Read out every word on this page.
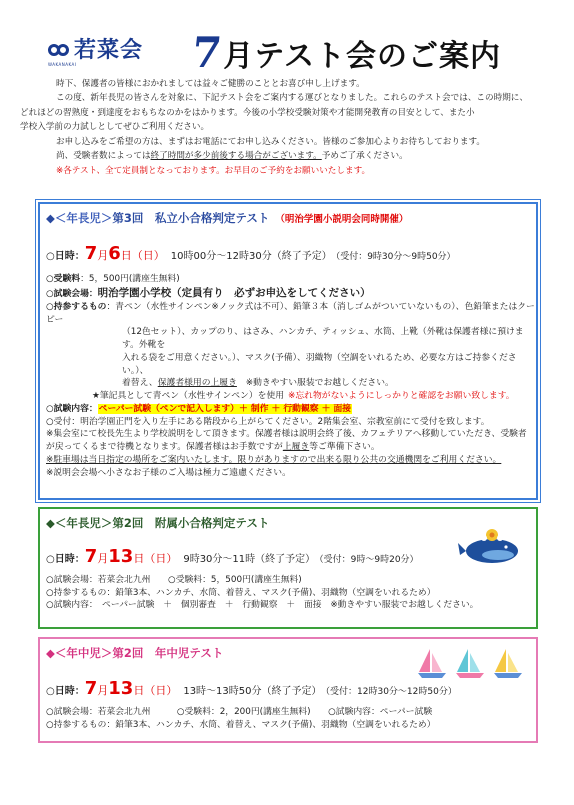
WAKANAKAI
若菜会 7 月テスト会のご案内

時下、保護者の皆様におかれましては益々ご健勝のこととお喜び申し上げます。

この度、新年長児の皆さんを対象に、下記テスト会をご案内する運びとなりました。これらのテスト会では、この時期に、

どれほどの習熟度・到達度をおもちなのかをはかります。今後の小学校受験対策や才能開発教育の目安として、また小

学校入学前の力試しとしてぜひご利用ください。

お申し込みをご希望の方は、まずはお電話にてお申し込みください。皆様のご参加心よりお待ちしております。

尚、受験者数によっては終了時間が多少前後する場合がございます。予めご了承ください。

※各テスト、全て定員制となっております。お早目のご予約をお願いいたします。

◆＜年長児＞第3回　私立小合格判定テスト （明治学園小説明会同時開催）
○日時：7月6日（日） 10時00分～12時30分（終了予定） （受付：9時30分～9時50分）
○受験料：5，500円(講座生無料)
○試験会場：明治学園小学校（定員有り　必ずお申込をしてください）
○持参するもの：青ペン（水性サインペン※ノック式は不可）、鉛筆３本（消しゴムがついていないもの）、色鉛筆またはクーピー
（12色セット）、カップのり、はさみ、ハンカチ、ティッシュ、水筒、上靴（外靴は保護者様に預けます。外靴を
入れる袋をご用意ください。）、マスク(予備）、羽織物（空調をいれるため、必要な方はご持参ください。）、
着替え、保護者様用の上履き　※動きやすい服装でお越しください。
★筆記具として青ペン（水性サインペン）を使用 ※忘れ物がないようにしっかりと確認をお願い致します。
○試験内容：ペーパー試験（ペンで記入します）＋ 制作 ＋ 行動観察 ＋ 面接
○受付：明治学園正門を入り左手にある階段から上がらてください。2階集会室、宗教室前にて受付を致します。
※集会室にて校長先生より学校説明をして頂きます。保護者様は説明会終了後、カフェテリアへ移動していただき、受験者
が戻ってくるまで待機となります。保護者様はお手数ですが上履き等ご準備下さい。
※駐車場は当日指定の場所をご案内いたします。限りがありますので出来る限り公共の交通機関をご利用ください。
※説明会会場へ小さなお子様のご入場は極力ご遠慮ください。
◆＜年長児＞第2回　附属小合格判定テスト
○日時：7月13日（日） 9時30分～11時（終了予定） （受付：9時～9時20分）
○試験会場：若菜会北九州　　○受験料：5，500円(講座生無料)
○持参するもの：鉛筆3本、ハンカチ、水筒、着替え、マスク(予備)、羽織物（空調をいれるため）
○試験内容：　ペーパー試験　＋　個別審査　＋　行動観察　＋　面接　※動きやすい服装でお越しください。
◆＜年中児＞第2回　年中児テスト
○日時：7月13日（日） 13時～13時50分（終了予定） （受付：12時30分～12時50分）
○試験会場：若菜会北九州　　　○受験料：2，200円(講座生無料)　　○試験内容：ペーパー試験
○持参するもの：鉛筆3本、ハンカチ、水筒、着替え、マスク(予備)、羽織物（空調をいれるため）
